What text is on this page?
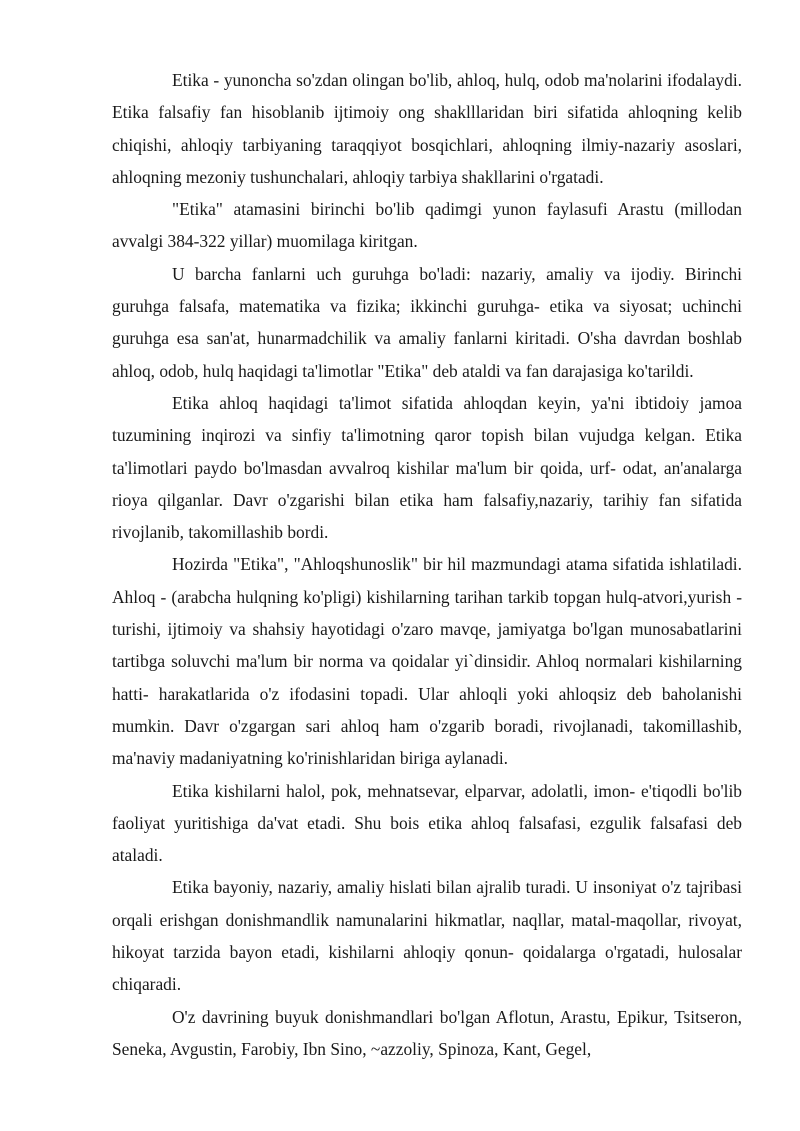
Etika - yunoncha so'zdan olingan bo'lib, ahloq, hulq, odob ma'nolarini ifodalaydi. Etika falsafiy fan hisoblanib ijtimoiy ong shaklllaridan biri sifatida ahloqning kelib chiqishi, ahloqiy tarbiyaning taraqqiyot bosqichlari, ahloqning ilmiy-nazariy asoslari, ahloqning mezoniy tushunchalari, ahloqiy tarbiya shakllarini o'rgatadi.

"Etika" atamasini birinchi bo'lib qadimgi yunon faylasufi Arastu (millodan avvalgi 384-322 yillar) muomilaga kiritgan.

U barcha fanlarni uch guruhga bo'ladi: nazariy, amaliy va ijodiy. Birinchi guruhga falsafa, matematika va fizika; ikkinchi guruhga- etika va siyosat; uchinchi guruhga esa san'at, hunarmadchilik va amaliy fanlarni kiritadi. O'sha davrdan boshlab ahloq, odob, hulq haqidagi ta'limotlar "Etika" deb ataldi va fan darajasiga ko'tarildi.

Etika ahloq haqidagi ta'limot sifatida ahloqdan keyin, ya'ni ibtidoiy jamoa tuzumining inqirozi va sinfiy ta'limotning qaror topish bilan vujudga kelgan. Etika ta'limotlari paydo bo'lmasdan avvalroq kishilar ma'lum bir qoida, urf- odat, an'analarga rioya qilganlar. Davr o'zgarishi bilan etika ham falsafiy,nazariy, tarihiy fan sifatida rivojlanib, takomillashib bordi.

Hozirda "Etika", "Ahloqshunoslik" bir hil mazmundagi atama sifatida ishlatiladi. Ahloq - (arabcha hulqning ko'pligi) kishilarning tarihan tarkib topgan hulq-atvori,yurish - turishi, ijtimoiy va shahsiy hayotidagi o'zaro mavqe, jamiyatga bo'lgan munosabatlarini tartibga soluvchi ma'lum bir norma va qoidalar yi`dinsidir. Ahloq normalari kishilarning hatti- harakatlarida o'z ifodasini topadi. Ular ahloqli yoki ahloqsiz deb baholanishi mumkin. Davr o'zgargan sari ahloq ham o'zgarib boradi, rivojlanadi, takomillashib, ma'naviy madaniyatning ko'rinishlaridan biriga aylanadi.

Etika kishilarni halol, pok, mehnatsevar, elparvar, adolatli, imon- e'tiqodli bo'lib faoliyat yuritishiga da'vat etadi. Shu bois etika ahloq falsafasi, ezgulik falsafasi deb ataladi.

Etika bayoniy, nazariy, amaliy hislati bilan ajralib turadi. U insoniyat o'z tajribasi orqali erishgan donishmandlik namunalarini hikmatlar, naqllar, matal-maqollar, rivoyat, hikoyat tarzida bayon etadi, kishilarni ahloqiy qonun- qoidalarga o'rgatadi, hulosalar chiqaradi.

O'z davrining buyuk donishmandlari bo'lgan Aflotun, Arastu, Epikur, Tsitseron, Seneka, Avgustin, Farobiy, Ibn Sino, ~azzoliy, Spinoza, Kant, Gegel,
